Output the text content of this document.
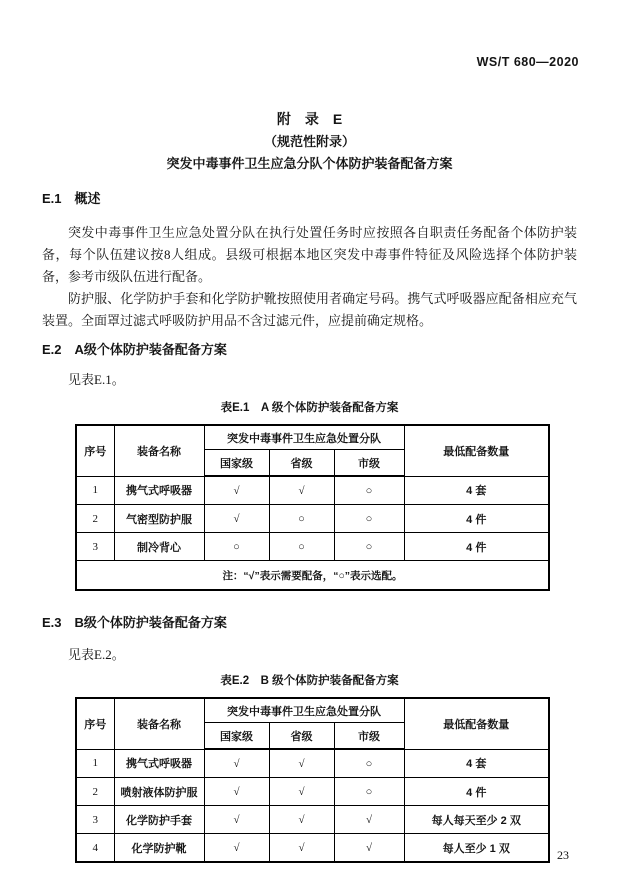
WS/T 680—2020
附　录　E
（规范性附录）
突发中毒事件卫生应急分队个体防护装备配备方案
E.1　概述

突发中毒事件卫生应急处置分队在执行处置任务时应按照各自职责任务配备个体防护装备，每个队伍建议按8人组成。县级可根据本地区突发中毒事件特征及风险选择个体防护装备，参考市级队伍进行配备。

防护服、化学防护手套和化学防护靴按照使用者确定号码。携气式呼吸器应配备相应充气装置。全面罩过滤式呼吸防护用品不含过滤元件，应提前确定规格。

E.2　A级个体防护装备配备方案

见表E.1。

表E.1　A 级个体防护装备配备方案
序号	装备名称	突发中毒事件卫生应急处置分队			最低配备数量
		国家级	省级	市级	
1	携气式呼吸器	√	√	○	4 套
2	气密型防护服	√	○	○	4 件
3	制冷背心	○	○	○	4 件
注：“√”表示需要配备，“○”表示选配。					
E.3　B级个体防护装备配备方案

见表E.2。

表E.2　B 级个体防护装备配备方案
序号	装备名称	突发中毒事件卫生应急处置分队			最低配备数量
		国家级	省级	市级	
1	携气式呼吸器	√	√	○	4 套
2	喷射液体防护服	√	√	○	4 件
3	化学防护手套	√	√	√	每人每天至少 2 双
4	化学防护靴	√	√	√	每人至少 1 双	23
